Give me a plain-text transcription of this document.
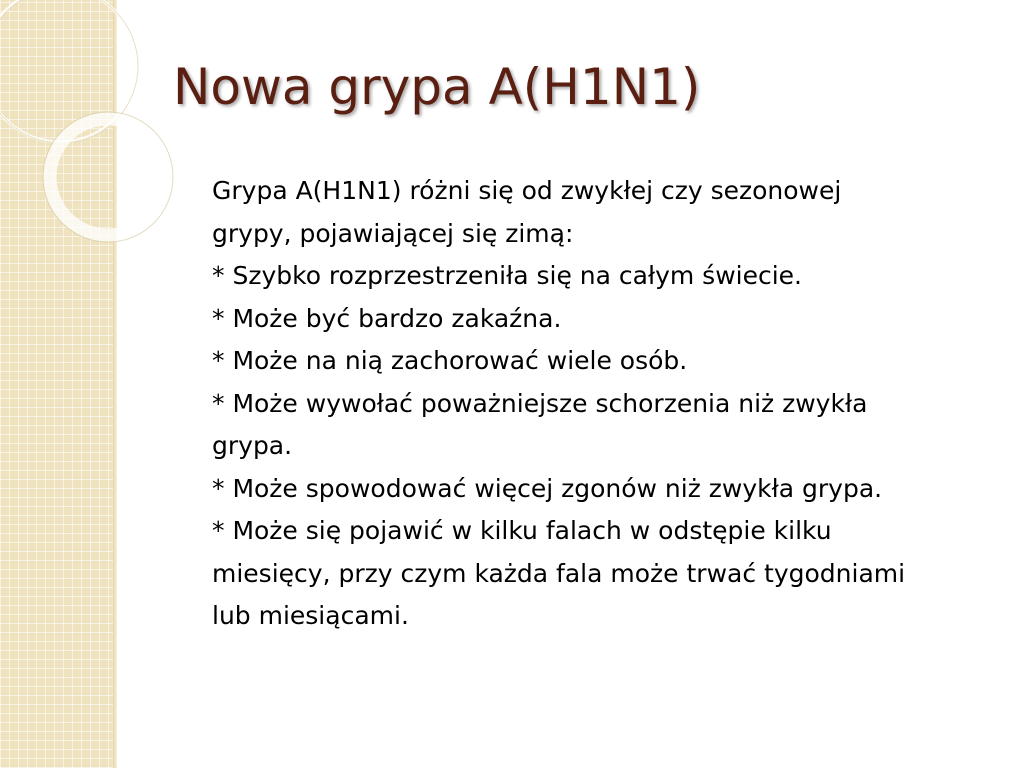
Nowa grypa A(H1N1)

Grypa A(H1N1) różni się od zwykłej czy sezonowej

grypy, pojawiającej się zimą:

* Szybko rozprzestrzeniła się na całym świecie.

* Może być bardzo zakaźna.

* Może na nią zachorować wiele osób.

* Może wywołać poważniejsze schorzenia niż zwykła

grypa.

* Może spowodować więcej zgonów niż zwykła grypa.

* Może się pojawić w kilku falach w odstępie kilku

miesięcy, przy czym każda fala może trwać tygodniami

lub miesiącami.
